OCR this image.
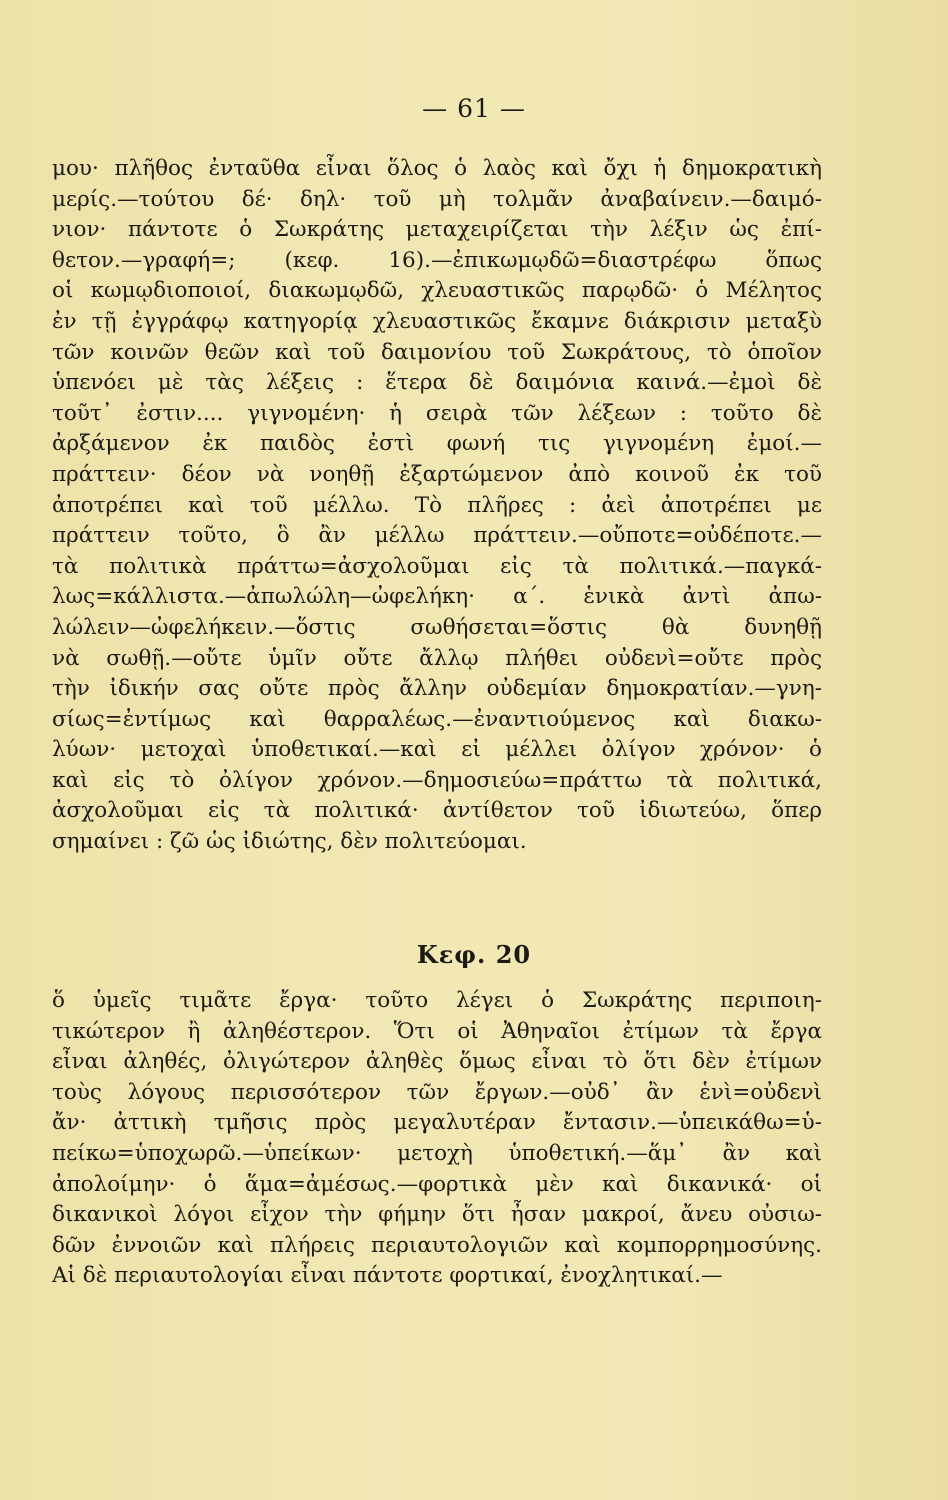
— 61 —
μου· πλῆθος ἐνταῦθα εἶναι ὅλος ὁ λαὸς καὶ ὄχι ἡ δημοκρατικὴ
μερίς.—τούτου δέ· δηλ· τοῦ μὴ τολμᾶν ἀναβαίνειν.—δαιμό-
νιον· πάντοτε ὁ Σωκράτης μεταχειρίζεται τὴν λέξιν ὡς ἐπί-
θετον.—γραφή=; (κεφ. 16).—ἐπικωμῳδῶ=διαστρέφω ὅπως
οἱ κωμῳδιοποιοί, διακωμῳδῶ, χλευαστικῶς παρῳδῶ· ὁ Μέλητος
ἐν τῇ ἐγγράφῳ κατηγορίᾳ χλευαστικῶς ἔκαμνε διάκρισιν μεταξὺ
τῶν κοινῶν θεῶν καὶ τοῦ δαιμονίου τοῦ Σωκράτους, τὸ ὁποῖον
ὑπενόει μὲ τὰς λέξεις : ἕτερα δὲ δαιμόνια καινά.—ἐμοὶ δὲ
τοῦτ᾿ ἐστιν.... γιγνομένη· ἡ σειρὰ τῶν λέξεων : τοῦτο δὲ
ἀρξάμενον ἐκ παιδὸς ἐστὶ φωνή τις γιγνομένη ἐμοί.—
πράττειν· δέον νὰ νοηθῇ ἐξαρτώμενον ἀπὸ κοινοῦ ἐκ τοῦ
ἀποτρέπει καὶ τοῦ μέλλω. Τὸ πλῆρες : ἀεὶ ἀποτρέπει με
πράττειν τοῦτο, ὃ ἂν μέλλω πράττειν.—οὔποτε=οὐδέποτε.—
τὰ πολιτικὰ πράττω=ἀσχολοῦμαι εἰς τὰ πολιτικά.—παγκά-
λως=κάλλιστα.—ἀπωλώλη—ὠφελήκη· α΄. ἑνικὰ ἀντὶ ἀπω-
λώλειν—ὠφελήκειν.—ὅστις σωθήσεται=ὅστις θὰ δυνηθῇ
νὰ σωθῇ.—οὔτε ὑμῖν οὔτε ἄλλῳ πλήθει οὐδενὶ=οὔτε πρὸς
τὴν ἰδικήν σας οὔτε πρὸς ἄλλην οὐδεμίαν δημοκρατίαν.—γνη-
σίως=ἐντίμως καὶ θαρραλέως.—ἐναντιούμενος καὶ διακω-
λύων· μετοχαὶ ὑποθετικαί.—καὶ εἰ μέλλει ὀλίγον χρόνον· ὁ
καὶ εἰς τὸ ὀλίγον χρόνον.—δημοσιεύω=πράττω τὰ πολιτικά,
ἀσχολοῦμαι εἰς τὰ πολιτικά· ἀντίθετον τοῦ ἰδιωτεύω, ὅπερ
σημαίνει : ζῶ ὡς ἰδιώτης, δὲν πολιτεύομαι.
Κεφ. 20
ὅ ὑμεῖς τιμᾶτε ἔργα· τοῦτο λέγει ὁ Σωκράτης περιποιη-
τικώτερον ἢ ἀληθέστερον. Ὅτι οἱ Ἀθηναῖοι ἐτίμων τὰ ἔργα
εἶναι ἀληθές, ὀλιγώτερον ἀληθὲς ὅμως εἶναι τὸ ὅτι δὲν ἐτίμων
τοὺς λόγους περισσότερον τῶν ἔργων.—οὐδ᾿ ἂν ἑνὶ=οὐδενὶ
ἄν· ἀττικὴ τμῆσις πρὸς μεγαλυτέραν ἔντασιν.—ὑπεικάθω=ὑ-
πείκω=ὑποχωρῶ.—ὑπείκων· μετοχὴ ὑποθετική.—ἅμ᾿ ἂν καὶ
ἀπολοίμην· ὁ ἅμα=ἀμέσως.—φορτικὰ μὲν καὶ δικανικά· οἱ
δικανικοὶ λόγοι εἶχον τὴν φήμην ὅτι ἦσαν μακροί, ἄνευ οὐσιω-
δῶν ἐννοιῶν καὶ πλήρεις περιαυτολογιῶν καὶ κομπορρημοσύνης.
Αἱ δὲ περιαυτολογίαι εἶναι πάντοτε φορτικαί, ἐνοχλητικαί.—
